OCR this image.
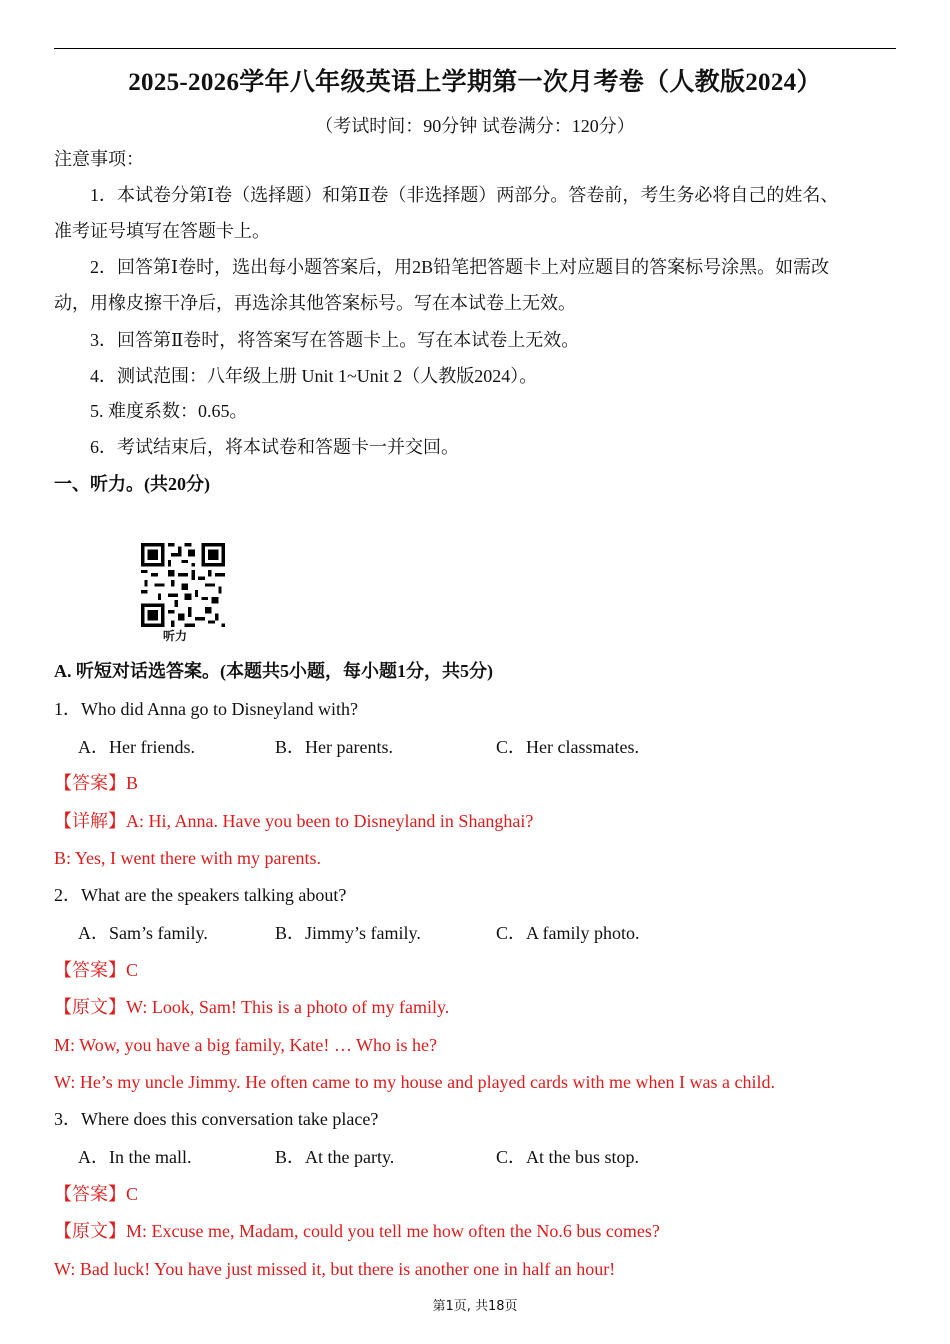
2025-2026学年八年级英语上学期第一次月考卷（人教版2024）
（考试时间：90分钟 试卷满分：120分）
注意事项：
1．本试卷分第Ⅰ卷（选择题）和第Ⅱ卷（非选择题）两部分。答卷前，考生务必将自己的姓名、
准考证号填写在答题卡上。
2．回答第Ⅰ卷时，选出每小题答案后，用2B铅笔把答题卡上对应题目的答案标号涂黑。如需改
动，用橡皮擦干净后，再选涂其他答案标号。写在本试卷上无效。
3．回答第Ⅱ卷时，将答案写在答题卡上。写在本试卷上无效。
4．测试范围：八年级上册 Unit 1~Unit 2（人教版2024）。
5. 难度系数：0.65。
6．考试结束后，将本试卷和答题卡一并交回。
一、听力。(共20分)
听力
A. 听短对话选答案。(本题共5小题，每小题1分，共5分)
1．Who did Anna go to Disneyland with?
A．Her friends.	B．Her parents.	C．Her classmates.
【答案】B
【详解】A: Hi, Anna. Have you been to Disneyland in Shanghai?
B: Yes, I went there with my parents.
2．What are the speakers talking about?
A．Sam’s family.	B．Jimmy’s family.	C．A family photo.
【答案】C
【原文】W: Look, Sam! This is a photo of my family.
M: Wow, you have a big family, Kate! … Who is he?
W: He’s my uncle Jimmy. He often came to my house and played cards with me when I was a child.
3．Where does this conversation take place?
A．In the mall.	B．At the party.	C．At the bus stop.
【答案】C
【原文】M: Excuse me, Madam, could you tell me how often the No.6 bus comes?
W: Bad luck! You have just missed it, but there is another one in half an hour!
第1页, 共18页
